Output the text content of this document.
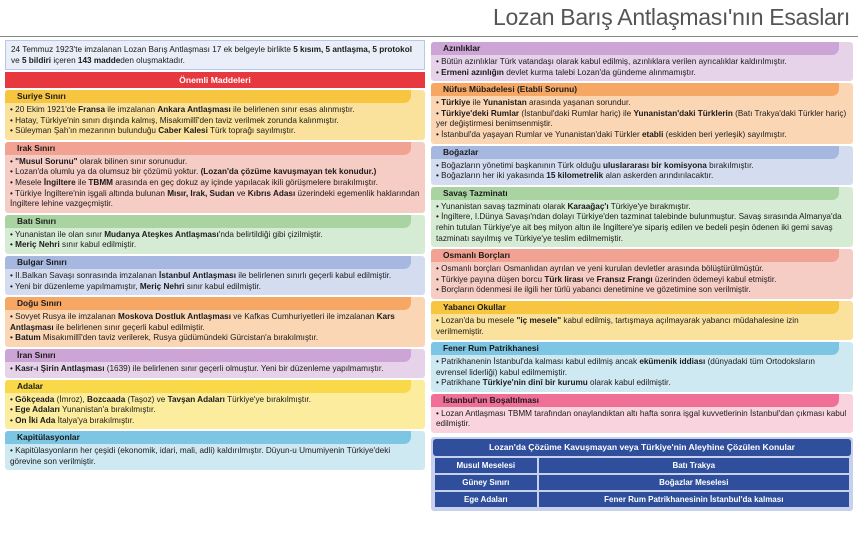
Lozan Barış Antlaşması'nın Esasları
24 Temmuz 1923'te imzalanan Lozan Barış Antlaşması 17 ek belgeyle birlikte 5 kısım, 5 antlaşma, 5 protokol ve 5 bildiri içeren 143 maddeden oluşmaktadır.
Önemli Maddeleri
Suriye Sınırı
• 20 Ekim 1921'de Fransa ile imzalanan Ankara Antlaşması ile belirlenen sınır esas alınmıştır.
• Hatay, Türkiye'nin sınırı dışında kalmış, Misakımillî'den taviz verilmek zorunda kalınmıştır.
• Süleyman Şah'ın mezarının bulunduğu Caber Kalesi Türk toprağı sayılmıştır.
Irak Sınırı
• "Musul Sorunu" olarak bilinen sınır sorunudur.
• Lozan'da olumlu ya da olumsuz bir çözümü yoktur. (Lozan'da çözüme kavuşmayan tek konudur.)
• Mesele İngiltere ile TBMM arasında en geç dokuz ay içinde yapılacak ikili görüşmelere bırakılmıştır.
• Türkiye İngiltere'nin işgali altında bulunan Mısır, Irak, Sudan ve Kıbrıs Adası üzerindeki egemenlik haklarından İngiltere lehine vazgeçmiştir.
Batı Sınırı
• Yunanistan ile olan sınır Mudanya Ateşkes Antlaşması'nda belirtildiği gibi çizilmiştir.
• Meriç Nehri sınır kabul edilmiştir.
Bulgar Sınırı
• II.Balkan Savaşı sonrasında imzalanan İstanbul Antlaşması ile belirlenen sınırlı geçerli kabul edilmiştir.
• Yeni bir düzenleme yapılmamıştır, Meriç Nehri sınır kabul edilmiştir.
Doğu Sınırı
• Sovyet Rusya ile imzalanan Moskova Dostluk Antlaşması ve Kafkas Cumhuriyetleri ile imzalanan Kars Antlaşması ile belirlenen sınır geçerli kabul edilmiştir.
• Batum Misakımillî'den taviz verilerek, Rusya güdümündeki Gürcistan'a bırakılmıştır.
İran Sınırı
• Kasr-ı Şirin Antlaşması (1639) ile belirlenen sınır geçerli olmuştur. Yeni bir düzenleme yapılmamıştır.
Adalar
• Gökçeada (İmroz), Bozcaada (Taşoz) ve Tavşan Adaları Türkiye'ye bırakılmıştır.
• Ege Adaları Yunanistan'a bırakılmıştır.
• On İki Ada İtalya'ya bırakılmıştır.
Kapitülasyonlar
• Kapitülasyonların her çeşidi (ekonomik, idari, mali, adli) kaldırılmıştır. Düyun-u Umumiyenin Türkiye'deki görevine son verilmiştir.
Azınlıklar
• Bütün azınlıklar Türk vatandaşı olarak kabul edilmiş, azınlıklara verilen ayrıcalıklar kaldırılmıştır.
• Ermeni azınlığın devlet kurma talebi Lozan'da gündeme alınmamıştır.
Nüfus Mübadelesi (Etabli Sorunu)
• Türkiye ile Yunanistan arasında yaşanan sorundur.
• Türkiye'deki Rumlar (İstanbul'daki Rumlar hariç) ile Yunanistan'daki Türklerin (Batı Trakya'daki Türkler hariç) yer değiştirmesi benimsenmiştir.
• İstanbul'da yaşayan Rumlar ve Yunanistan'daki Türkler etabli (eskiden beri yerleşik) sayılmıştır.
Boğazlar
• Boğazların yönetimi başkanının Türk olduğu uluslararası bir komisyona bırakılmıştır.
• Boğazların her iki yakasında 15 kilometrelik alan askerden arındırılacaktır.
Savaş Tazminatı
• Yunanistan savaş tazminatı olarak Karaağaç'ı Türkiye'ye bırakmıştır.
• İngiltere, I.Dünya Savaşı'ndan dolayı Türkiye'den tazminat talebinde bulunmuştur. Savaş sırasında Almanya'da rehin tutulan Türkiye'ye ait beş milyon altın ile İngiltere'ye sipariş edilen ve bedeli peşin ödenen iki gemi savaş tazminatı sayılmış ve Türkiye'ye teslim edilmemiştir.
Osmanlı Borçları
• Osmanlı borçları Osmanlıdan ayrılan ve yeni kurulan devletler arasında bölüştürülmüştür.
• Türkiye payına düşen borcu Türk lirası ve Fransız Frangı üzerinden ödemeyi kabul etmiştir.
• Borçların ödenmesi ile ilgili her türlü yabancı denetimine ve gözetimine son verilmiştir.
Yabancı Okullar
• Lozan'da bu mesele "iç mesele" kabul edilmiş, tartışmaya açılmayarak yabancı müdahalesine izin verilmemiştir.
Fener Rum Patrikhanesi
• Patrikhanenin İstanbul'da kalması kabul edilmiş ancak ekümenik iddiası (dünyadaki tüm Ortodoksların evrensel liderliği) kabul edilmemiştir.
• Patrikhane Türkiye'nin dinî bir kurumu olarak kabul edilmiştir.
İstanbul'un Boşaltılması
• Lozan Antlaşması TBMM tarafından onaylandıktan altı hafta sonra işgal kuvvetlerinin İstanbul'dan çıkması kabul edilmiştir.
Lozan'da Çözüme Kavuşmayan veya Türkiye'nin Aleyhine Çözülen Konular
Musul Meselesi	Batı Trakya
Güney Sınırı	Boğazlar Meselesi
Ege Adaları	Fener Rum Patrikhanesinin İstanbul'da kalması
